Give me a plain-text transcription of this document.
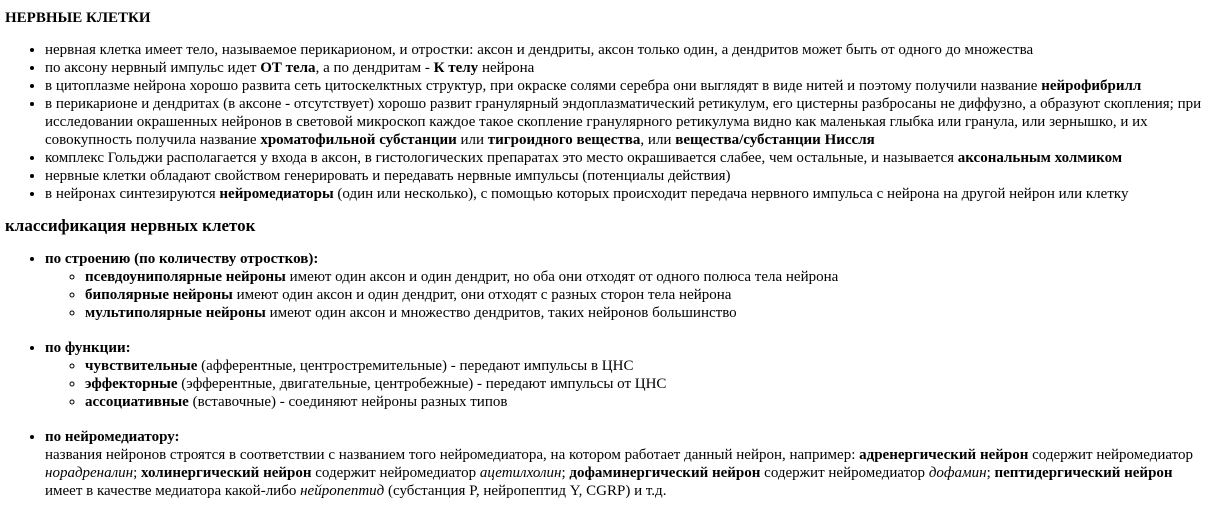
НЕРВНЫЕ КЛЕТКИ
• нервная клетка имеет тело, называемое перикарионом, и отростки: аксон и дендриты, аксон только один, а дендритов может быть от одного до множества
• по аксону нервный импульс идет ОТ тела, а по дендритам - К телу нейрона
• в цитоплазме нейрона хорошо развита сеть цитоскелктных структур, при окраске солями серебра они выглядят в виде нитей и поэтому получили название нейрофибрилл
• в перикарионе и дендритах (в аксоне - отсутствует) хорошо развит гранулярный эндоплазматический ретикулум, его цистерны разбросаны не диффузно, а образуют скопления; при исследовании окрашенных нейронов в световой микроскоп каждое такое скопление гранулярного ретикулума видно как маленькая глыбка или гранула, или зернышко, и их совокупность получила название хроматофильной субстанции или тигроидного вещества, или вещества/субстанции Ниссля
• комплекс Гольджи располагается у входа в аксон, в гистологических препаратах это место окрашивается слабее, чем остальные, и называется аксональным холмиком
• нервные клетки обладают свойством генерировать и передавать нервные импульсы (потенциалы действия)
• в нейронах синтезируются нейромедиаторы (один или несколько), с помощью которых происходит передача нервного импульса с нейрона на другой нейрон или клетку
классификация нервных клеток
• по строению (по количеству отростков):
◦ псевдоуниполярные нейроны имеют один аксон и один дендрит, но оба они отходят от одного полюса тела нейрона
◦ биполярные нейроны имеют один аксон и один дендрит, они отходят с разных сторон тела нейрона
◦ мультиполярные нейроны имеют один аксон и множество дендритов, таких нейронов большинство
• по функции:
◦ чувствительные (афферентные, центростремительные) - передают импульсы в ЦНС
◦ эффекторные (эфферентные, двигательные, центробежные) - передают импульсы от ЦНС
◦ ассоциативные (вставочные) - соединяют нейроны разных типов
• по нейромедиатору:
названия нейронов строятся в соответствии с названием того нейромедиатора, на котором работает данный нейрон, например: адренергический нейрон содержит нейромедиатор норадреналин; холинергический нейрон содержит нейромедиатор ацетилхолин; дофаминергический нейрон содержит нейромедиатор дофамин; пептидергический нейрон имеет в качестве медиатора какой-либо нейропептид (субстанция P, нейропептид Y, CGRP) и т.д.
